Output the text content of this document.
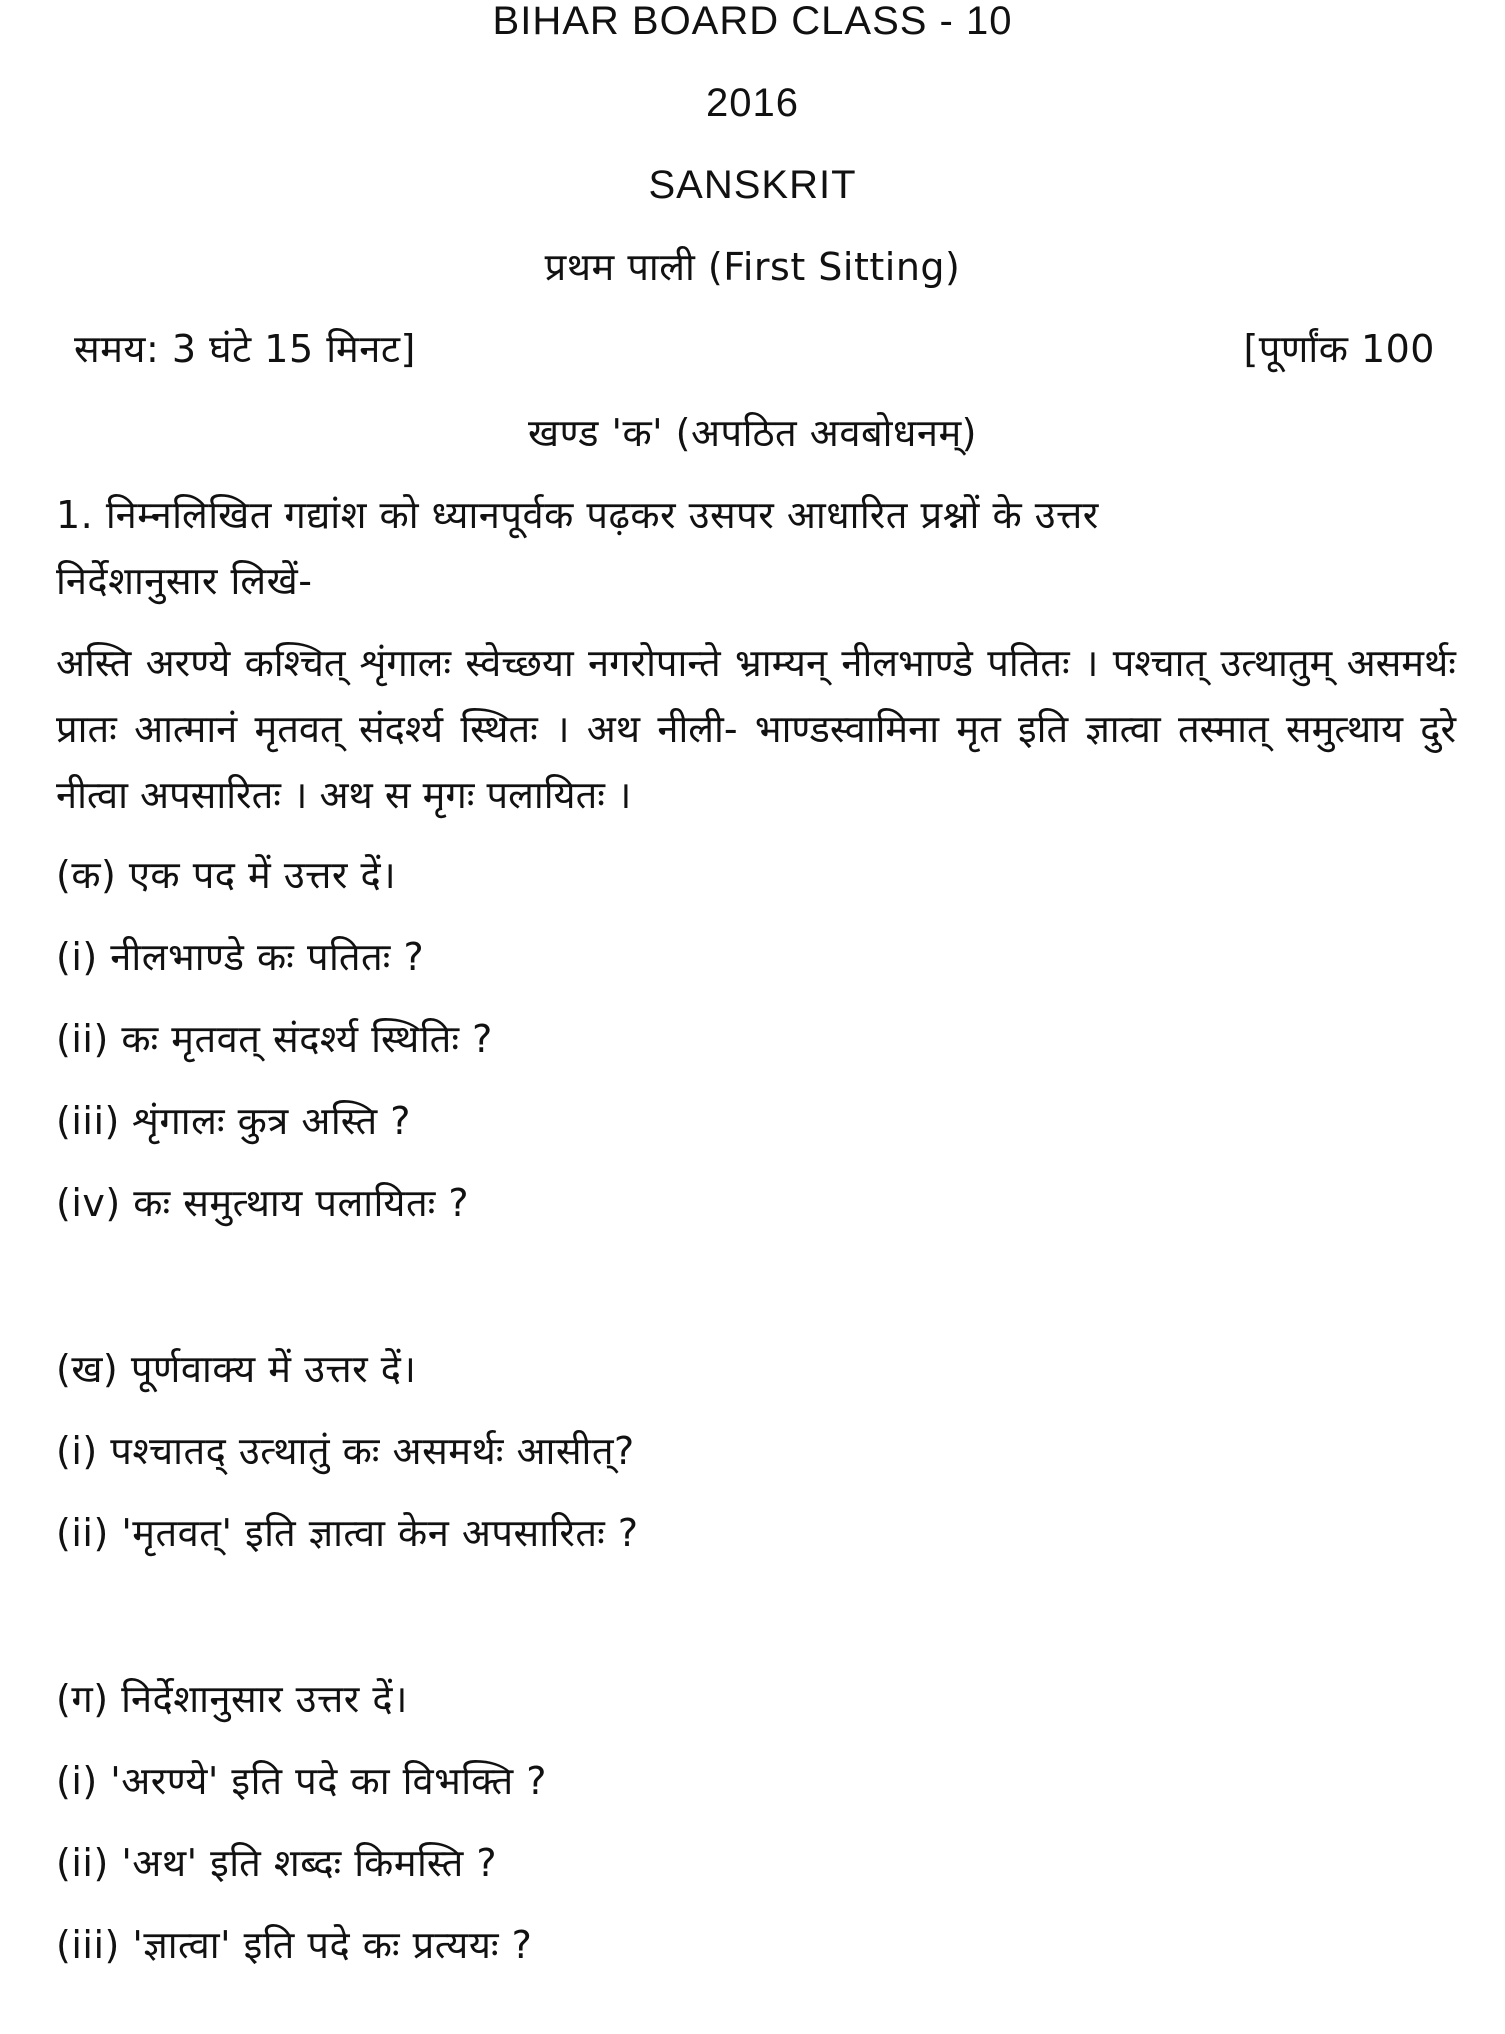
BIHAR BOARD CLASS - 10
2016
SANSKRIT
प्रथम पाली (First Sitting)
समय: 3 घंटे 15 मिनट]	[पूर्णांक 100
खण्ड 'क' (अपठित अवबोधनम्)
1. निम्नलिखित गद्यांश को ध्यानपूर्वक पढ़कर उसपर आधारित प्रश्नों के उत्तर
निर्देशानुसार लिखें-
अस्ति अरण्ये कश्चित् शृंगालः स्वेच्छया नगरोपान्ते भ्राम्यन् नीलभाण्डे पतितः । पश्चात् उत्थातुम् असमर्थः प्रातः आत्मानं मृतवत् संदर्श्य स्थितः । अथ नीली- भाण्डस्वामिना मृत इति ज्ञात्वा तस्मात् समुत्थाय दुरे नीत्वा अपसारितः । अथ स मृगः पलायितः ।
(क) एक पद में उत्तर दें।
(i) नीलभाण्डे कः पतितः ?
(ii) कः मृतवत् संदर्श्य स्थितिः ?
(iii) शृंगालः कुत्र अस्ति ?
(iv) कः समुत्थाय पलायितः ?
(ख) पूर्णवाक्य में उत्तर दें।
(i) पश्चातद् उत्थातुं कः असमर्थः आसीत्?
(ii) 'मृतवत्' इति ज्ञात्वा केन अपसारितः ?
(ग) निर्देशानुसार उत्तर दें।
(i) 'अरण्ये' इति पदे का विभक्ति ?
(ii) 'अथ' इति शब्दः किमस्ति ?
(iii) 'ज्ञात्वा' इति पदे कः प्रत्ययः ?
